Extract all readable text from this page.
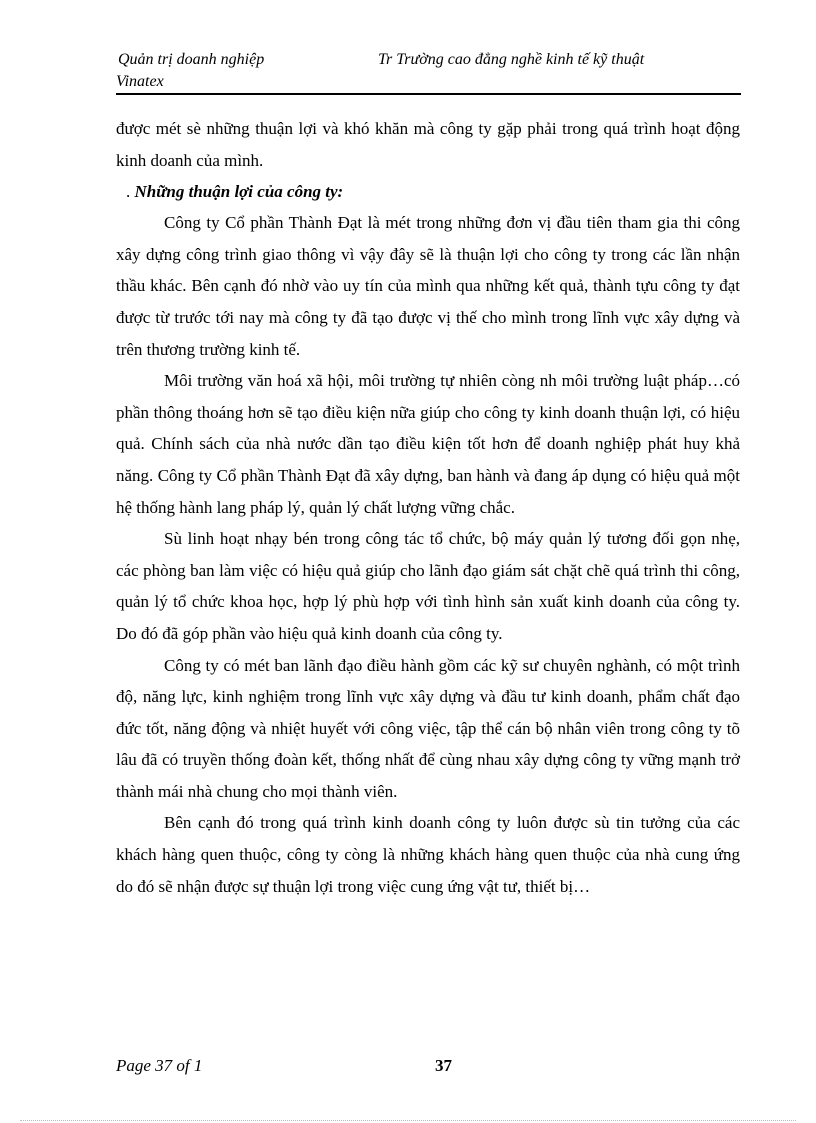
Quản trị doanh nghiệp
Vinatex
Tr Trường cao đẳng nghề kinh tế kỹ thuật

được mét sè những thuận lợi và khó khăn mà công ty gặp phải trong quá trình hoạt động kinh doanh của mình.

. Những thuận lợi của công ty:

Công ty Cổ phần Thành Đạt là mét trong những đơn vị đầu tiên tham gia thi công xây dựng công trình giao thông vì vậy đây sẽ là thuận lợi cho công ty trong các lần nhận thầu khác. Bên cạnh đó nhờ vào uy tín của mình qua những kết quả, thành tựu công ty đạt được từ trước tới nay mà công ty đã tạo được vị thế cho mình trong lĩnh vực xây dựng và trên thương trường kinh tế.

Môi trường văn hoá xã hội, môi trường tự nhiên còng nh môi trường luật pháp…có phần thông thoáng hơn sẽ tạo điều kiện nữa giúp cho công ty kinh doanh thuận lợi, có hiệu quả. Chính sách của nhà nước dần tạo điều kiện tốt hơn để doanh nghiệp phát huy khả năng. Công ty Cổ phần Thành Đạt đã xây dựng, ban hành và đang áp dụng có hiệu quả một hệ thống hành lang pháp lý, quản lý chất lượng vững chắc.

Sù linh hoạt nhạy bén trong công tác tổ chức, bộ máy quản lý tương đối gọn nhẹ, các phòng ban làm việc có hiệu quả giúp cho lãnh đạo giám sát chặt chẽ quá trình thi công, quản lý tổ chức khoa học, hợp lý phù hợp với tình hình sản xuất kinh doanh của công ty. Do đó đã góp phần vào hiệu quả kinh doanh của công ty.

Công ty có mét ban lãnh đạo điều hành gồm các kỹ sư chuyên nghành, có một trình độ, năng lực, kinh nghiệm trong lĩnh vực xây dựng và đầu tư kinh doanh, phẩm chất đạo đức tốt, năng động và nhiệt huyết với công việc, tập thể cán bộ nhân viên trong công ty tõ lâu đã có truyền thống đoàn kết, thống nhất để cùng nhau xây dựng công ty vững mạnh trở thành mái nhà chung cho mọi thành viên.

Bên cạnh đó trong quá trình kinh doanh công ty luôn được sù tin tưởng của các khách hàng quen thuộc, công ty còng là những khách hàng quen thuộc của nhà cung ứng do đó sẽ nhận được sự thuận lợi trong việc cung ứng vật tư, thiết bị…

Page 37 of 1	37
